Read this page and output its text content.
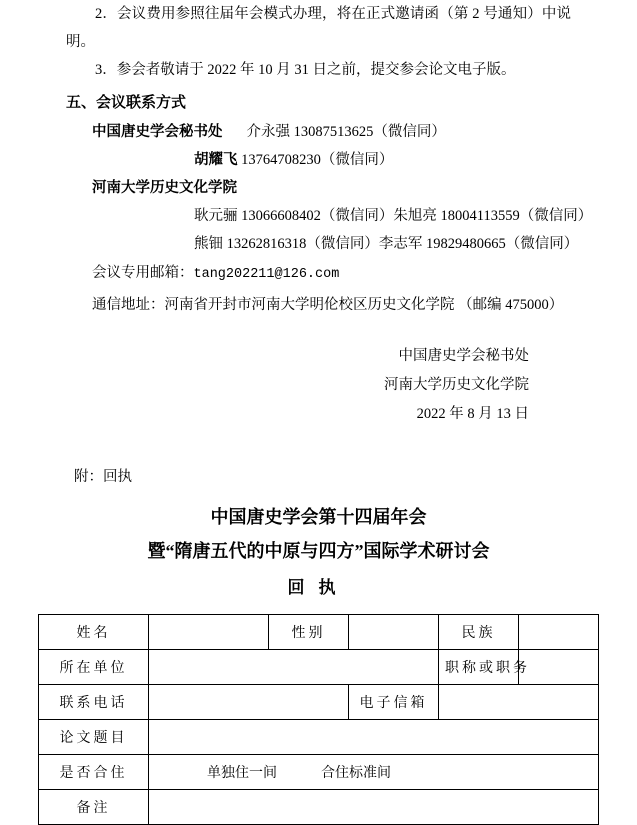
2．会议费用参照往届年会模式办理，将在正式邀请函（第 2 号通知）中说明。

3．参会者敬请于 2022 年 10 月 31 日之前，提交参会论文电子版。

五、会议联系方式
中国唐史学会秘书处 介永强 13087513625（微信同）
胡耀飞 13764708230（微信同）
河南大学历史文化学院
耿元骊 13066608402（微信同） 朱旭亮 18004113559（微信同）
熊钿 13262816318（微信同） 李志军 19829480665（微信同）
会议专用邮箱：tang202211@126.com
通信地址：河南省开封市河南大学明伦校区历史文化学院 （邮编 475000）
中国唐史学会秘书处
河南大学历史文化学院
2022 年 8 月 13 日
附：回执
中国唐史学会第十四届年会
暨“隋唐五代的中原与四方”国际学术研讨会
回执
姓名		性别		民族	
所在单位				职称或职务	
联系电话			电子信箱		
论文题目					
是否合住	单独住一间 合住标准间				

备注					
